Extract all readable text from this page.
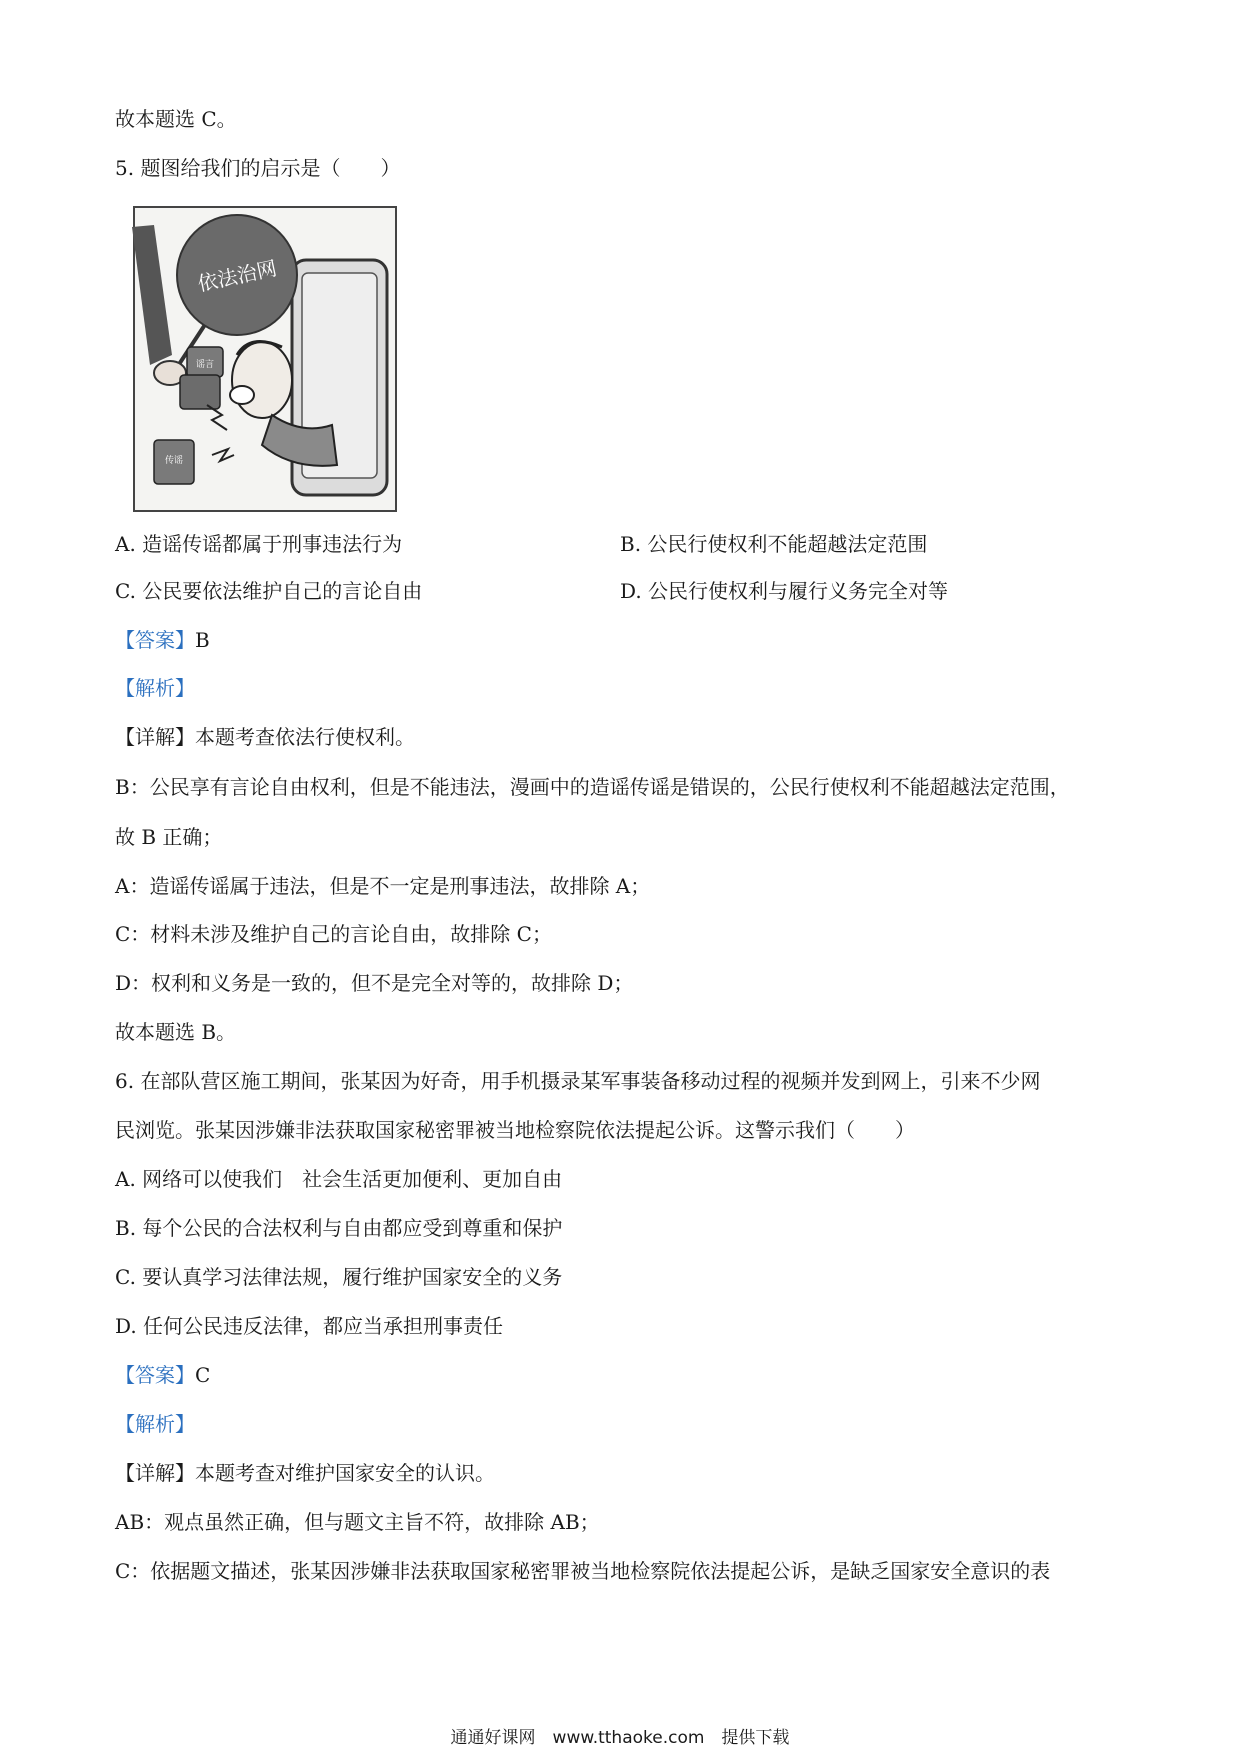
故本题选 C。
5. 题图给我们的启示是（　　）
依法治网
谣言
传谣
A. 造谣传谣都属于刑事违法行为	B. 公民行使权利不能超越法定范围
C. 公民要依法维护自己的言论自由	D. 公民行使权利与履行义务完全对等
【答案】B
【解析】
【详解】本题考查依法行使权利。
B：公民享有言论自由权利，但是不能违法，漫画中的造谣传谣是错误的，公民行使权利不能超越法定范围，
故 B 正确；
A：造谣传谣属于违法，但是不一定是刑事违法，故排除 A；
C：材料未涉及维护自己的言论自由，故排除 C；
D：权利和义务是一致的，但不是完全对等的，故排除 D；
故本题选 B。
6. 在部队营区施工期间，张某因为好奇，用手机摄录某军事装备移动过程的视频并发到网上，引来不少网
民浏览。张某因涉嫌非法获取国家秘密罪被当地检察院依法提起公诉。这警示我们（　　）
A. 网络可以使我们　社会生活更加便利、更加自由
B. 每个公民的合法权利与自由都应受到尊重和保护
C. 要认真学习法律法规，履行维护国家安全的义务
D. 任何公民违反法律，都应当承担刑事责任
【答案】C
【解析】
【详解】本题考查对维护国家安全的认识。
AB：观点虽然正确，但与题文主旨不符，故排除 AB；
C：依据题文描述，张某因涉嫌非法获取国家秘密罪被当地检察院依法提起公诉，是缺乏国家安全意识的表
通通好课网　www.tthaoke.com　提供下载
